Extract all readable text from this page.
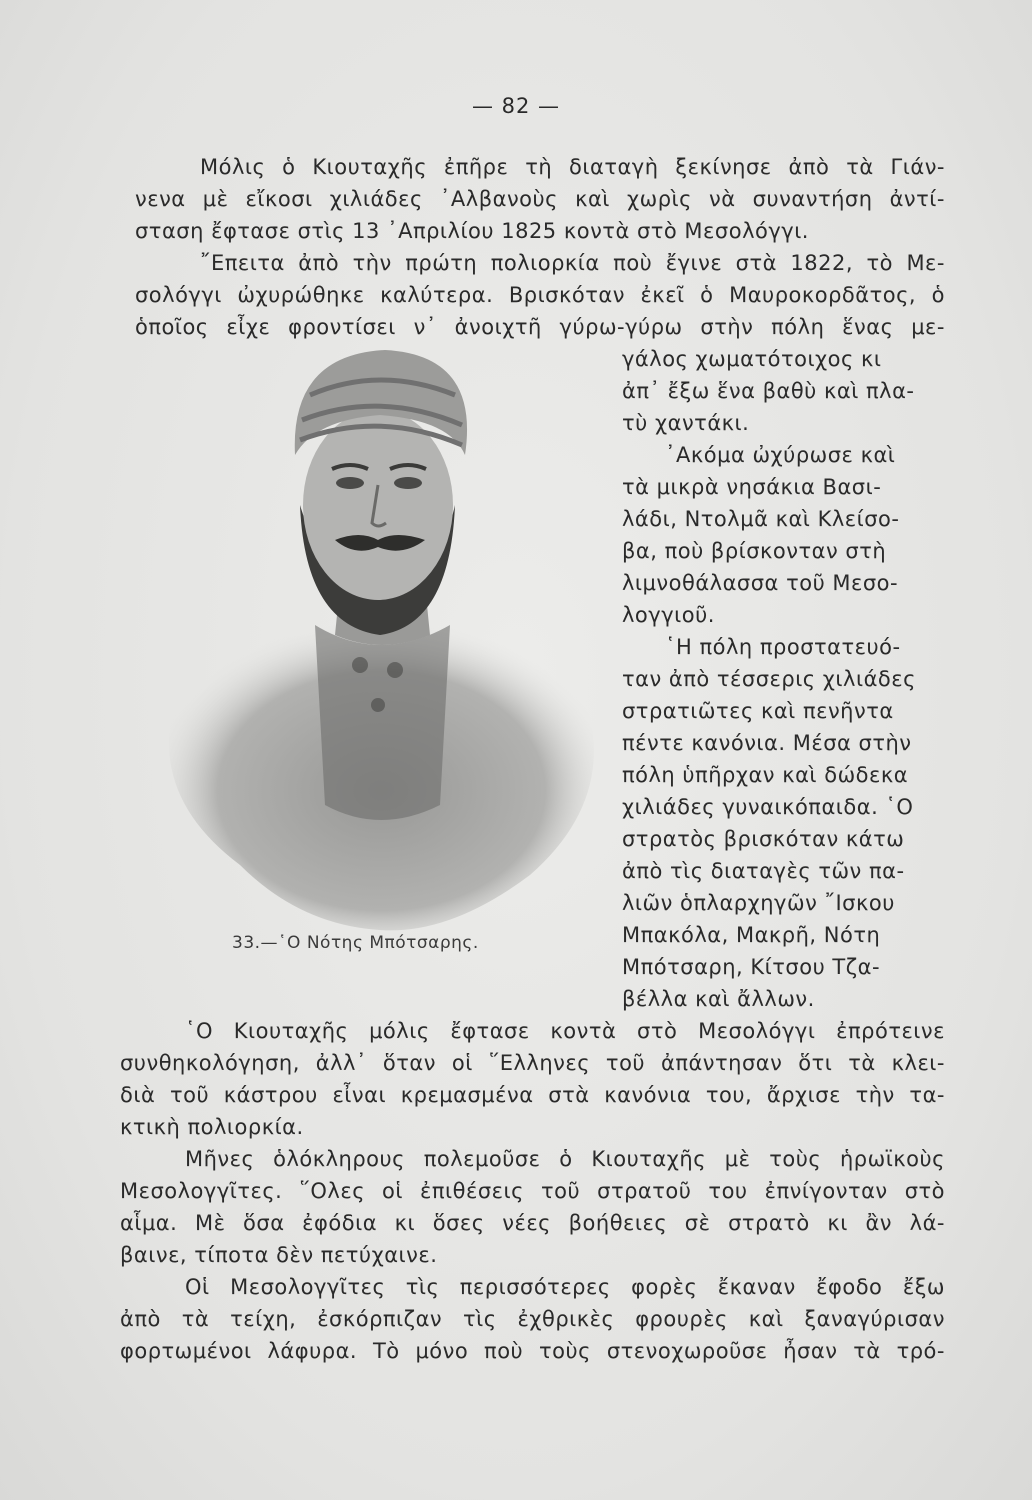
— 82 —
Μόλις ὁ Κιουταχῆς ἐπῆρε τὴ διαταγὴ ξεκίνησε ἀπὸ τὰ Γιάν-
νενα μὲ εἴκοσι χιλιάδες ᾿Αλβανοὺς καὶ χωρὶς νὰ συναντήση ἀντί-
σταση ἔφτασε στὶς 13 ᾿Απριλίου 1825 κοντὰ στὸ Μεσολόγγι.
῎Επειτα ἀπὸ τὴν πρώτη πολιορκία ποὺ ἔγινε στὰ 1822, τὸ Με-
σολόγγι ὠχυρώθηκε καλύτερα. Βρισκόταν ἐκεῖ ὁ Μαυροκορδᾶτος, ὁ
ὁποῖος εἶχε φροντίσει ν᾿ ἀνοιχτῆ γύρω-γύρω στὴν πόλη ἕνας με-
γάλος χωματότοιχος κι
ἀπ᾿ ἔξω ἕνα βαθὺ καὶ πλα-
τὺ χαντάκι.
᾿Ακόμα ὠχύρωσε καὶ
τὰ μικρὰ νησάκια Βασι-
λάδι, Ντολμᾶ καὶ Κλείσο-
βα, ποὺ βρίσκονταν στὴ
λιμνοθάλασσα τοῦ Μεσο-
λογγιοῦ.
῾Η πόλη προστατευό-
ταν ἀπὸ τέσσερις χιλιάδες
στρατιῶτες καὶ πενῆντα
πέντε κανόνια. Μέσα στὴν
πόλη ὑπῆρχαν καὶ δώδεκα
χιλιάδες γυναικόπαιδα. ῾Ο
στρατὸς βρισκόταν κάτω
ἀπὸ τὶς διαταγὲς τῶν πα-
λιῶν ὁπλαρχηγῶν ῎Ισκου
Μπακόλα, Μακρῆ, Νότη
Μπότσαρη, Κίτσου Τζα-
βέλλα καὶ ἄλλων.
33.—῾Ο Νότης Μπότσαρης.
῾Ο Κιουταχῆς μόλις ἔφτασε κοντὰ στὸ Μεσολόγγι ἐπρότεινε
συνθηκολόγηση, ἀλλ᾿ ὅταν οἱ ῞Ελληνες τοῦ ἀπάντησαν ὅτι τὰ κλει-
διὰ τοῦ κάστρου εἶναι κρεμασμένα στὰ κανόνια του, ἄρχισε τὴν τα-
κτικὴ πολιορκία.
Μῆνες ὁλόκληρους πολεμοῦσε ὁ Κιουταχῆς μὲ τοὺς ἡρωϊκοὺς
Μεσολογγῖτες. ῞Ολες οἱ ἐπιθέσεις τοῦ στρατοῦ του ἐπνίγονταν στὸ
αἷμα. Μὲ ὅσα ἐφόδια κι ὅσες νέες βοήθειες σὲ στρατὸ κι ἂν λά-
βαινε, τίποτα δὲν πετύχαινε.
Οἱ Μεσολογγῖτες τὶς περισσότερες φορὲς ἔκαναν ἔφοδο ἔξω
ἀπὸ τὰ τείχη, ἐσκόρπιζαν τὶς ἐχθρικὲς φρουρὲς καὶ ξαναγύρισαν
φορτωμένοι λάφυρα. Τὸ μόνο ποὺ τοὺς στενοχωροῦσε ἦσαν τὰ τρό-
